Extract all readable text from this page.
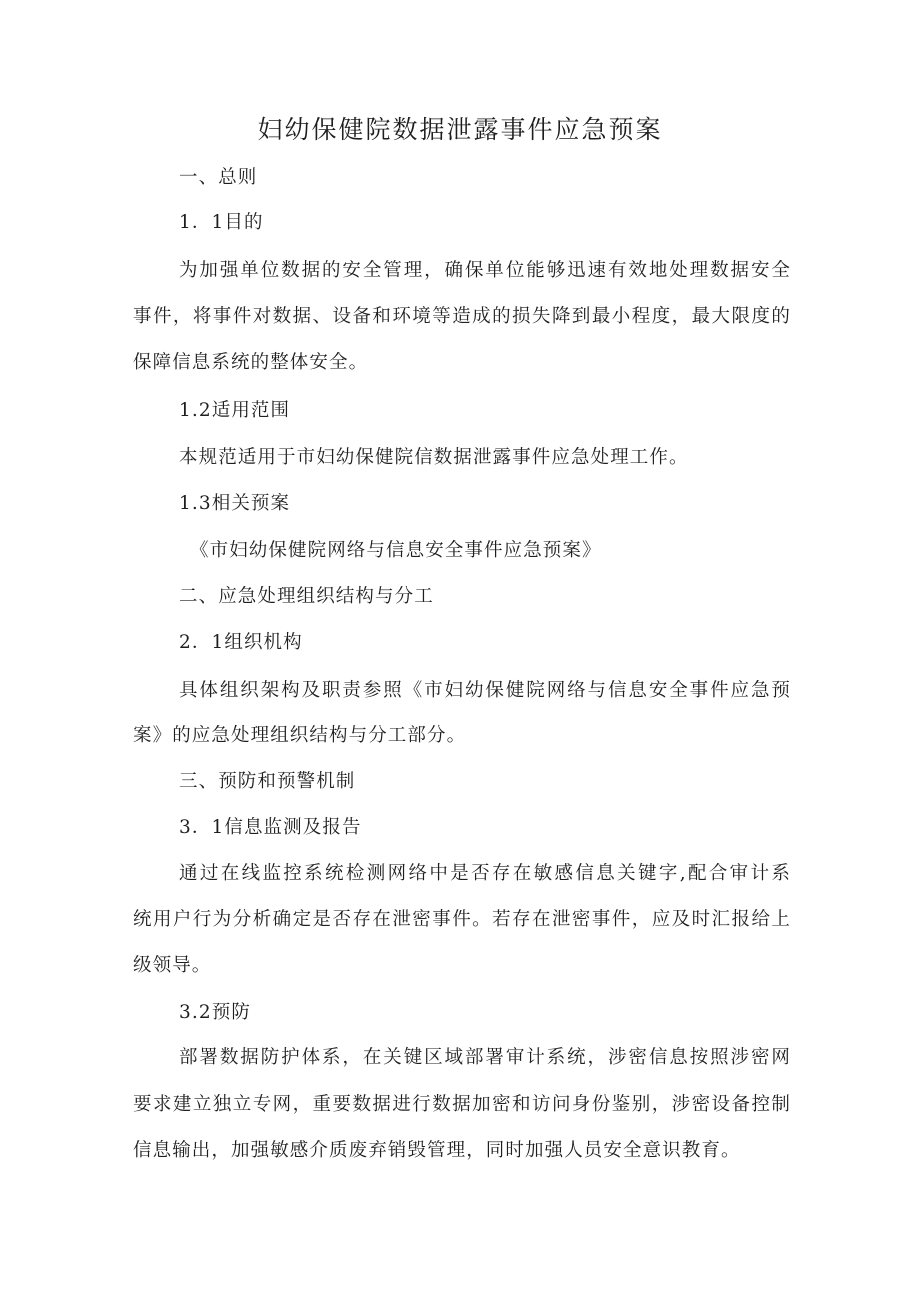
妇幼保健院数据泄露事件应急预案
一、总则
1．1目的
为加强单位数据的安全管理，确保单位能够迅速有效地处理数据安全
事件，将事件对数据、设备和环境等造成的损失降到最小程度，最大限度的
保障信息系统的整体安全。
1.2适用范围
本规范适用于市妇幼保健院信数据泄露事件应急处理工作。
1.3相关预案
《市妇幼保健院网络与信息安全事件应急预案》
二、应急处理组织结构与分工
2．1组织机构
具体组织架构及职责参照《市妇幼保健院网络与信息安全事件应急预
案》的应急处理组织结构与分工部分。
三、预防和预警机制
3．1信息监测及报告
通过在线监控系统检测网络中是否存在敏感信息关键字,配合审计系
统用户行为分析确定是否存在泄密事件。若存在泄密事件，应及时汇报给上
级领导。
3.2预防
部署数据防护体系，在关键区域部署审计系统，涉密信息按照涉密网
要求建立独立专网，重要数据进行数据加密和访问身份鉴别，涉密设备控制
信息输出，加强敏感介质废弃销毁管理，同时加强人员安全意识教育。
